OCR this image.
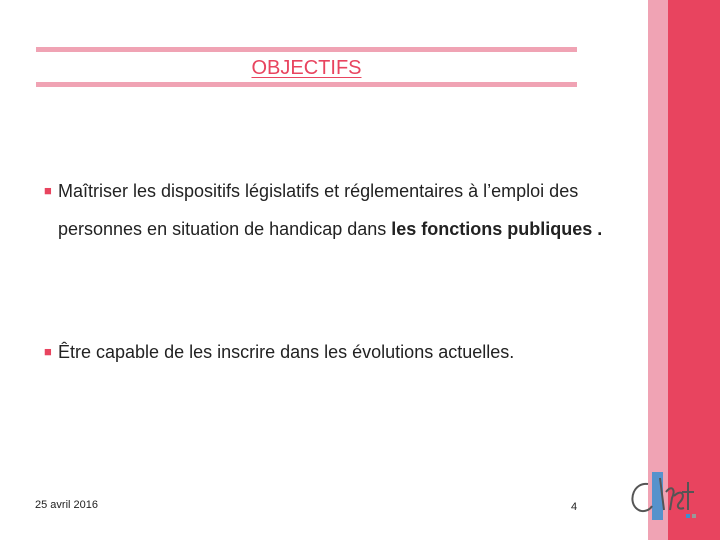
OBJECTIFS
■ Maîtriser les dispositifs législatifs et réglementaires à l’emploi des personnes en situation de handicap dans les fonctions publiques .
■ Être capable de les inscrire dans les évolutions actuelles.
25 avril 2016	4
